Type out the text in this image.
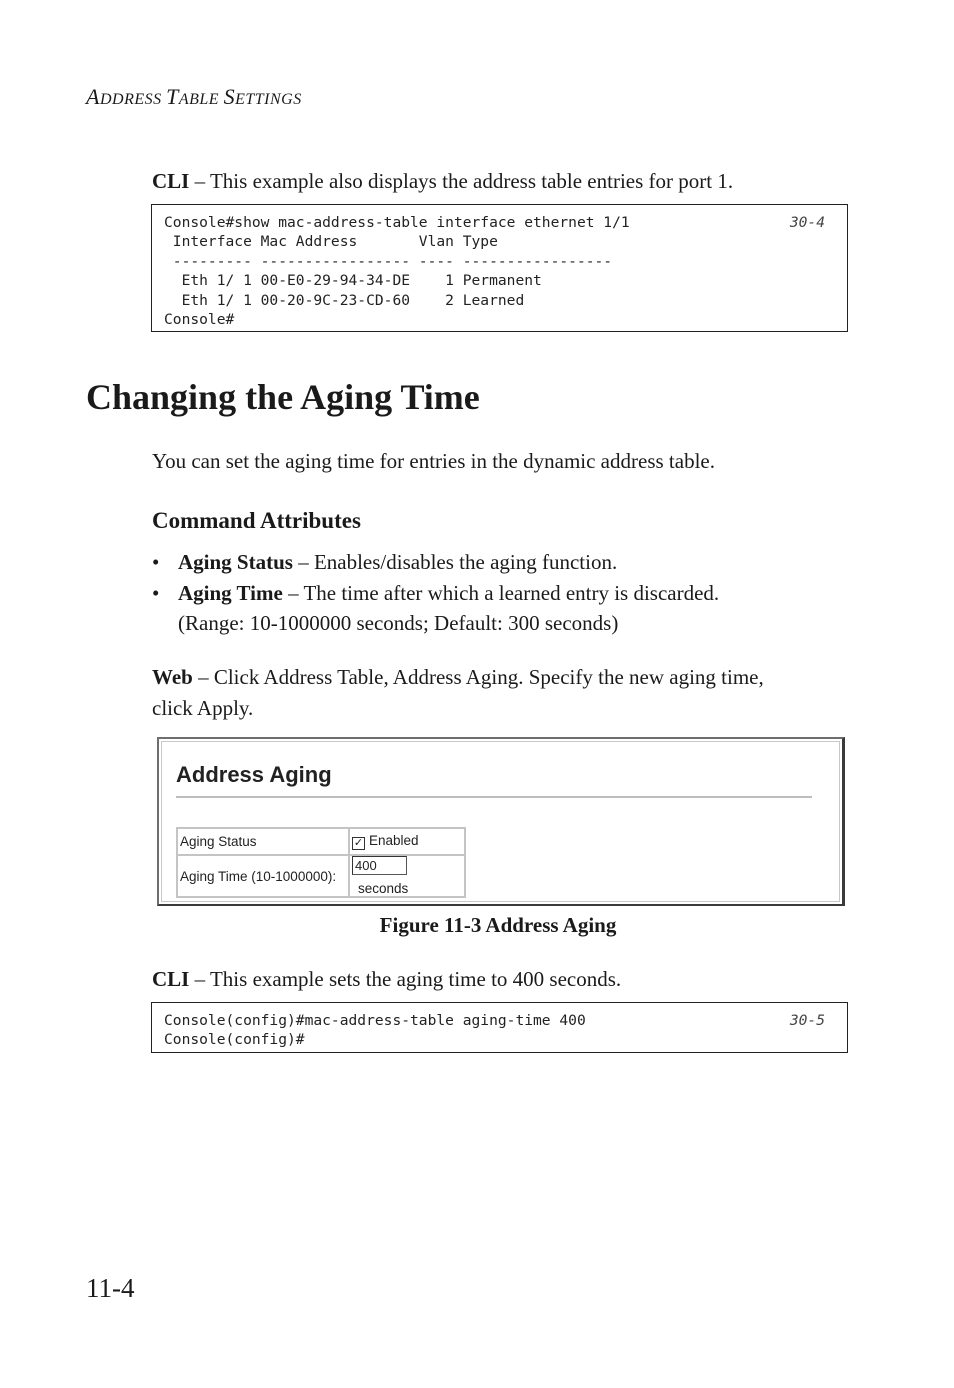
ADDRESS TABLE SETTINGS
CLI – This example also displays the address table entries for port 1.
Console#show mac-address-table interface ethernet 1/1
Interface Mac Address       Vlan Type
--------- ----------------- ---- -----------------
Eth 1/ 1 00-E0-29-94-34-DE    1 Permanent
Eth 1/ 1 00-20-9C-23-CD-60    2 Learned
Console#
30-4
Changing the Aging Time
You can set the aging time for entries in the dynamic address table.
Command Attributes
• Aging Status – Enables/disables the aging function.
• Aging Time – The time after which a learned entry is discarded.
(Range: 10-1000000 seconds; Default: 300 seconds)
Web – Click Address Table, Address Aging. Specify the new aging time,
click Apply.
Address Aging
Aging Status	✓ Enabled
Aging Time (10-1000000):	400seconds
Figure 11-3 Address Aging
CLI – This example sets the aging time to 400 seconds.
Console(config)#mac-address-table aging-time 400
Console(config)#
30-5
11-4
